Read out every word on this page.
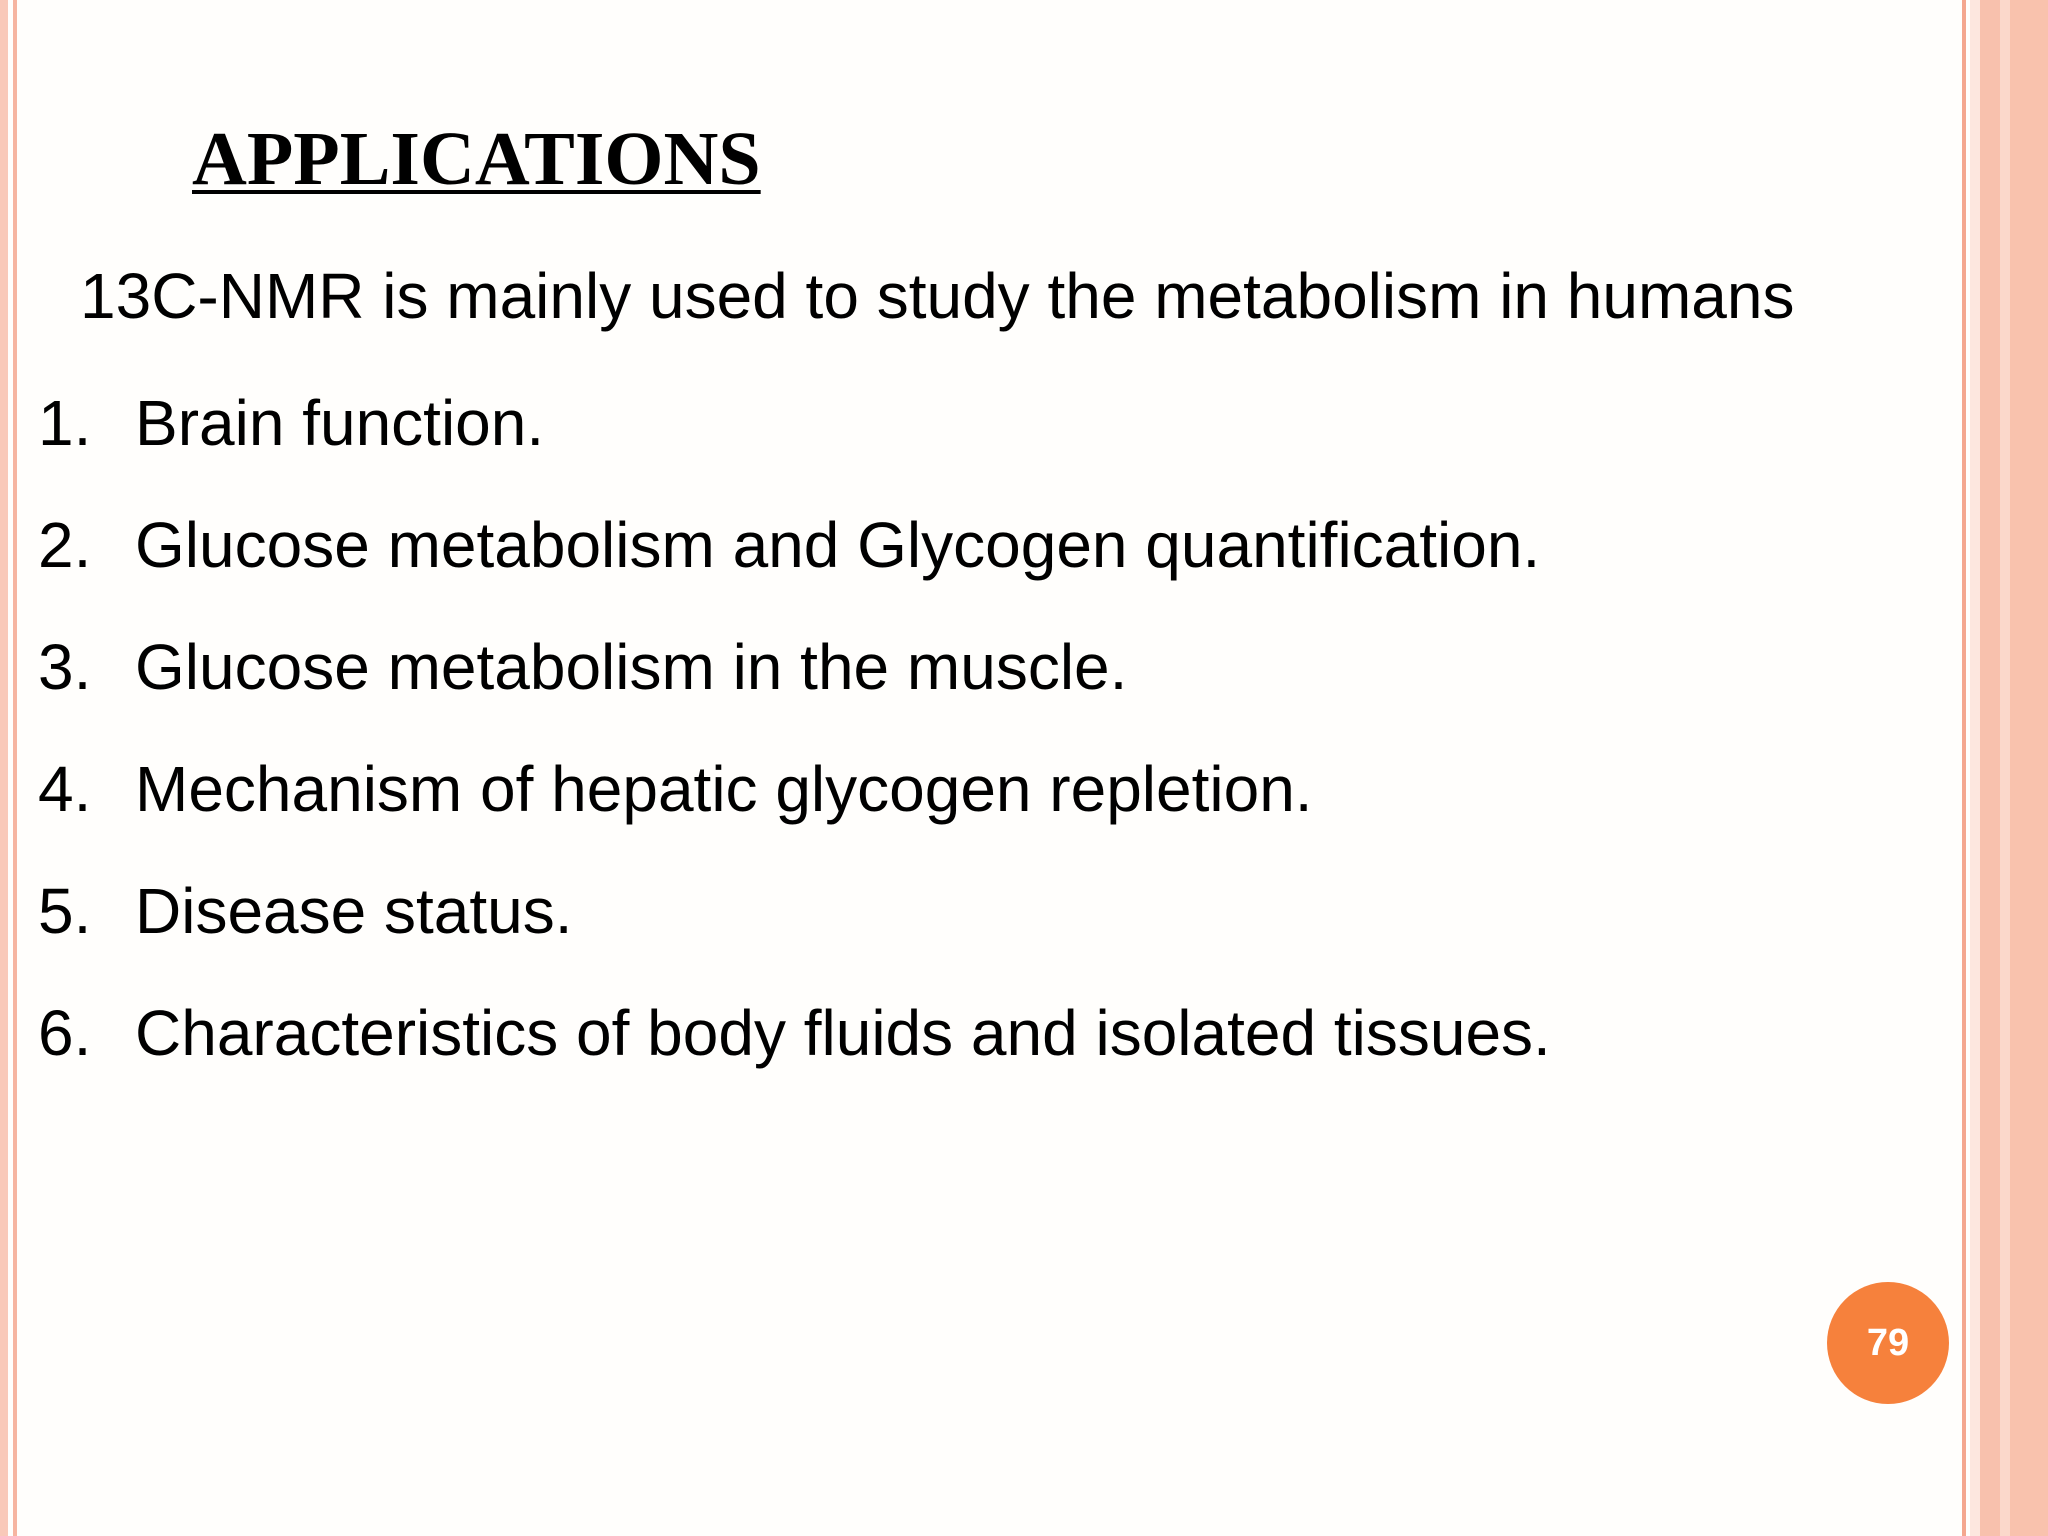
APPLICATIONS

13C-NMR is mainly used to study the metabolism in humans

1. Brain function.
2. Glucose metabolism and Glycogen quantification.
3. Glucose metabolism in the muscle.
4. Mechanism of hepatic glycogen repletion.
5. Disease status.
6. Characteristics of body fluids and isolated tissues.
79
